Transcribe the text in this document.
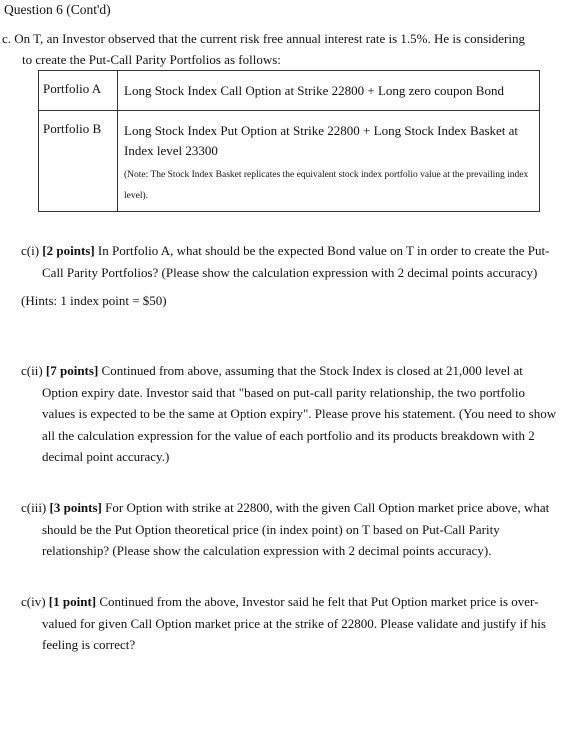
Question 6 (Cont'd)
c. On T, an Investor observed that the current risk free annual interest rate is 1.5%. He is considering
to create the Put-Call Parity Portfolios as follows:
Portfolio A	Long Stock Index Call Option at Strike 22800 + Long zero coupon Bond
Portfolio B	Long Stock Index Put Option at Strike 22800 + Long Stock Index Basket at Index level 23300
(Note: The Stock Index Basket replicates the equivalent stock index portfolio value at the prevailing index level).
c(i) [2 points] In Portfolio A, what should be the expected Bond value on T in order to create the Put-Call Parity Portfolios? (Please show the calculation expression with 2 decimal points accuracy)
(Hints: 1 index point = $50)
c(ii) [7 points] Continued from above, assuming that the Stock Index is closed at 21,000 level at Option expiry date. Investor said that "based on put-call parity relationship, the two portfolio values is expected to be the same at Option expiry". Please prove his statement. (You need to show all the calculation expression for the value of each portfolio and its products breakdown with 2 decimal point accuracy.)
c(iii) [3 points] For Option with strike at 22800, with the given Call Option market price above, what should be the Put Option theoretical price (in index point) on T based on Put-Call Parity relationship? (Please show the calculation expression with 2 decimal points accuracy).
c(iv) [1 point] Continued from the above, Investor said he felt that Put Option market price is over-valued for given Call Option market price at the strike of 22800. Please validate and justify if his feeling is correct?
